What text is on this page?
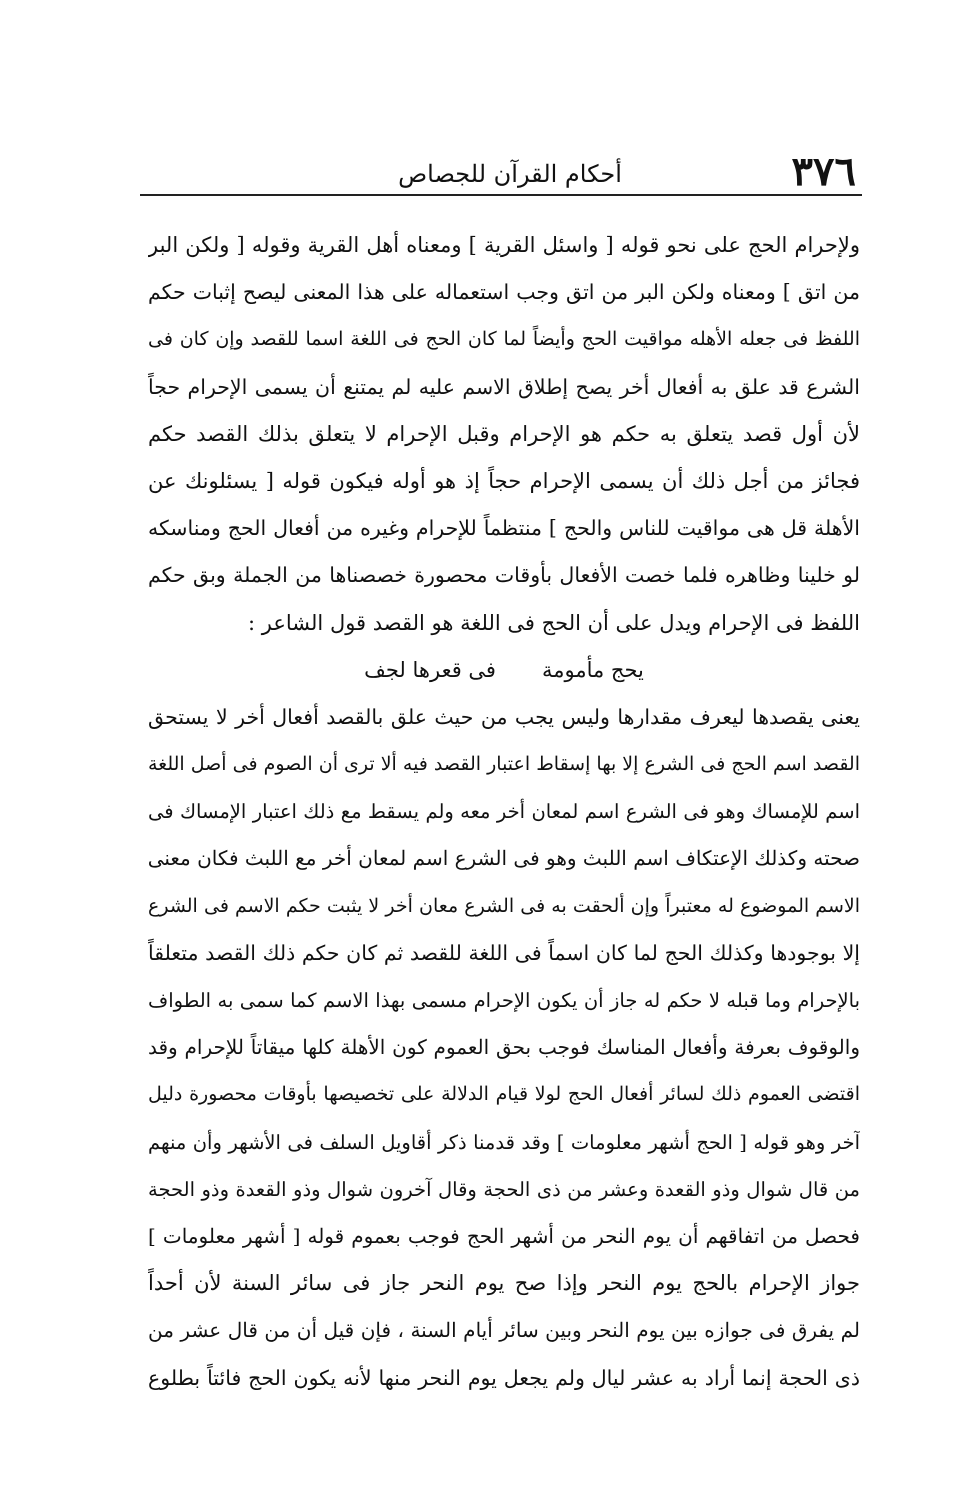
٣٧٦
أحكام القرآن للجصاص
ولإحرام الحج على نحو قوله [ واسئل القرية ] ومعناه أهل القرية وقوله [ ولكن البر
من اتق ] ومعناه ولكن البر من اتق وجب استعماله على هذا المعنى ليصح إثبات حكم
اللفظ فى جعله الأهله مواقيت الحج وأيضاً لما كان الحج فى اللغة اسما للقصد وإن كان فى
الشرع قد علق به أفعال أخر يصح إطلاق الاسم عليه لم يمتنع أن يسمى الإحرام حجاً
لأن أول قصد يتعلق به حكم هو الإحرام وقبل الإحرام لا يتعلق بذلك القصد حكم
فجائز من أجل ذلك أن يسمى الإحرام حجاً إذ هو أوله فيكون قوله [ يسئلونك عن
الأهلة قل هى مواقيت للناس والحج ] منتظماً للإحرام وغيره من أفعال الحج ومناسكه
لو خلينا وظاهره فلما خصت الأفعال بأوقات محصورة خصصناها من الجملة وبق حكم
اللفظ فى الإحرام ويدل على أن الحج فى اللغة هو القصد قول الشاعر :
يحج مأمومةفى قعرها لجف
يعنى يقصدها ليعرف مقدارها وليس يجب من حيث علق بالقصد أفعال أخر لا يستحق
القصد اسم الحج فى الشرع إلا بها إسقاط اعتبار القصد فيه ألا ترى أن الصوم فى أصل اللغة
اسم للإمساك وهو فى الشرع اسم لمعان أخر معه ولم يسقط مع ذلك اعتبار الإمساك فى
صحته وكذلك الإعتكاف اسم اللبث وهو فى الشرع اسم لمعان أخر مع اللبث فكان معنى
الاسم الموضوع له معتبراً وإن ألحقت به فى الشرع معان أخر لا يثبت حكم الاسم فى الشرع
إلا بوجودها وكذلك الحج لما كان اسماً فى اللغة للقصد ثم كان حكم ذلك القصد متعلقاً
بالإحرام وما قبله لا حكم له جاز أن يكون الإحرام مسمى بهذا الاسم كما سمى به الطواف
والوقوف بعرفة وأفعال المناسك فوجب بحق العموم كون الأهلة كلها ميقاتاً للإحرام وقد
اقتضى العموم ذلك لسائر أفعال الحج لولا قيام الدلالة على تخصيصها بأوقات محصورة دليل
آخر وهو قوله [ الحج أشهر معلومات ] وقد قدمنا ذكر أقاويل السلف فى الأشهر وأن منهم
من قال شوال وذو القعدة وعشر من ذى الحجة وقال آخرون شوال وذو القعدة وذو الحجة
فحصل من اتفاقهم أن يوم النحر من أشهر الحج فوجب بعموم قوله [ أشهر معلومات ]
جواز الإحرام بالحج يوم النحر وإذا صح يوم النحر جاز فى سائر السنة لأن أحداً
لم يفرق فى جوازه بين يوم النحر وبين سائر أيام السنة ، فإن قيل أن من قال عشر من
ذى الحجة إنما أراد به عشر ليال ولم يجعل يوم النحر منها لأنه يكون الحج فائتاً بطلوع
